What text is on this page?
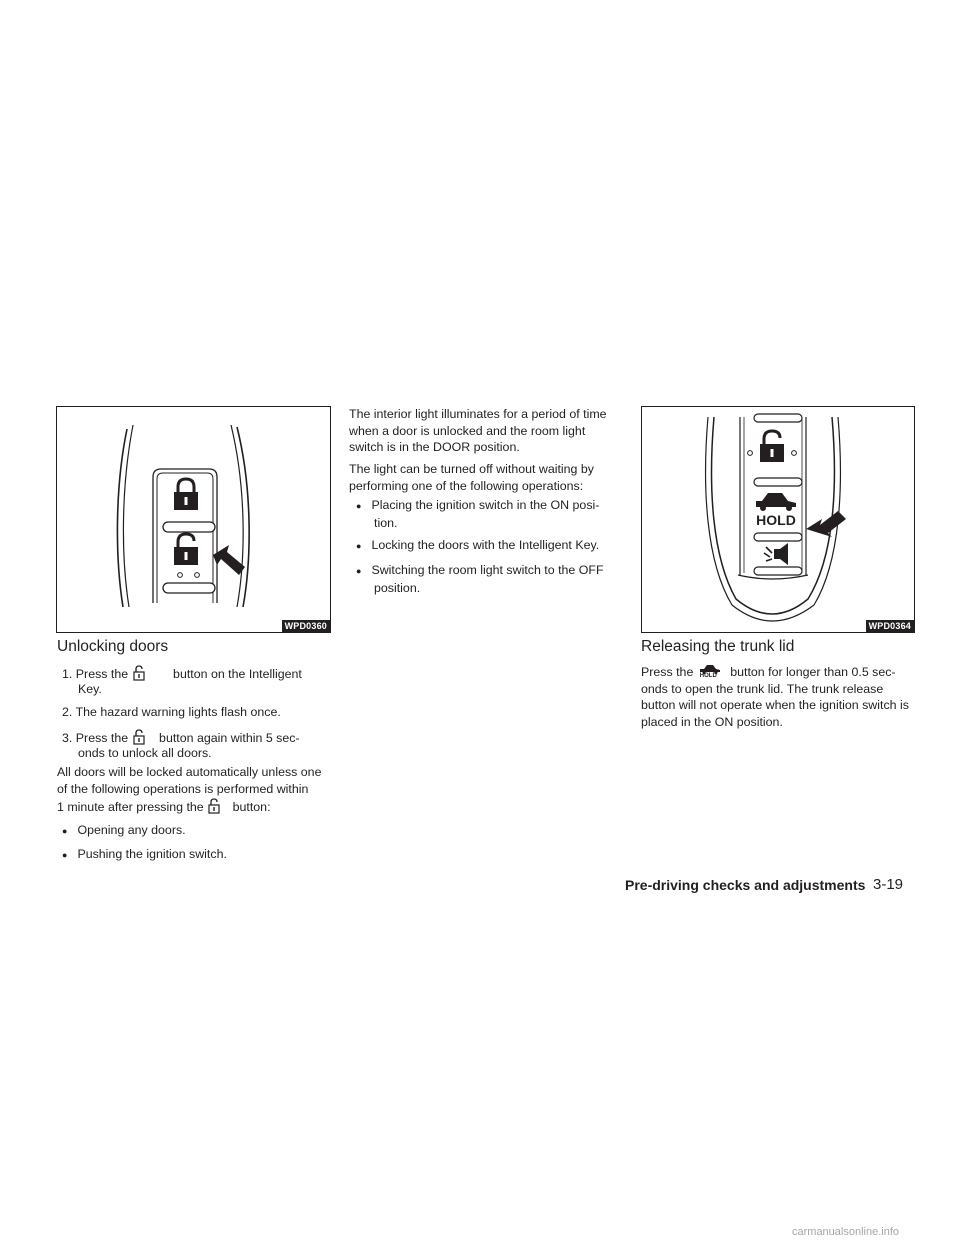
WPD0360
HOLD
WPD0364
Unlocking doors
1. Press the	button on the Intelligent
Key.
2. The hazard warning lights flash once.
3. Press the button again within 5 sec-
onds to unlock all doors.
All doors will be locked automatically unless one
of the following operations is performed within
1 minute after pressing the button:
● Opening any doors.
● Pushing the ignition switch.
The interior light illuminates for a period of time
when a door is unlocked and the room light
switch is in the DOOR position.
The light can be turned off without waiting by
performing one of the following operations:
● Placing the ignition switch in the ON posi-
tion.
● Locking the doors with the Intelligent Key.
● Switching the room light switch to the OFF
position.
Releasing the trunk lid
Press the HOLD button for longer than 0.5 sec-
onds to open the trunk lid. The trunk release
button will not operate when the ignition switch is
placed in the ON position.
Pre-driving checks and adjustments 3-19
carmanualsonline.info
